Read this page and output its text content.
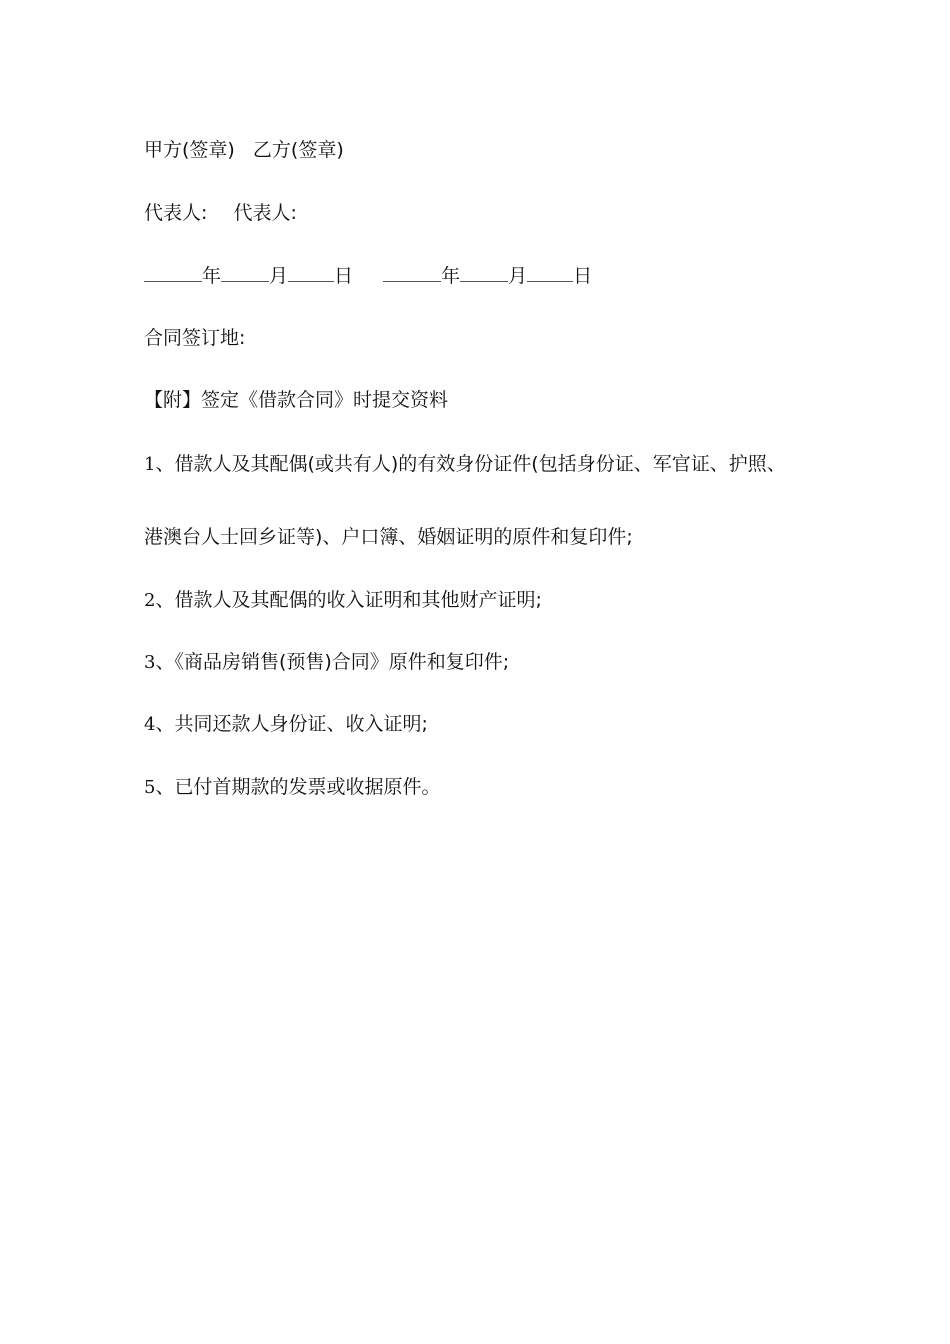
甲方(签章) 乙方(签章)
代表人: 代表人:
年	月 日	年	月 日
合同签订地:
【附】签定《借款合同》时提交资料
1、借款人及其配偶(或共有人)的有效身份证件(包括身份证、军官证、护照、
港澳台人士回乡证等)、户口簿、婚姻证明的原件和复印件;
2、借款人及其配偶的收入证明和其他财产证明;
3、《商品房销售(预售)合同》原件和复印件;
4、共同还款人身份证、收入证明;
5、已付首期款的发票或收据原件。
